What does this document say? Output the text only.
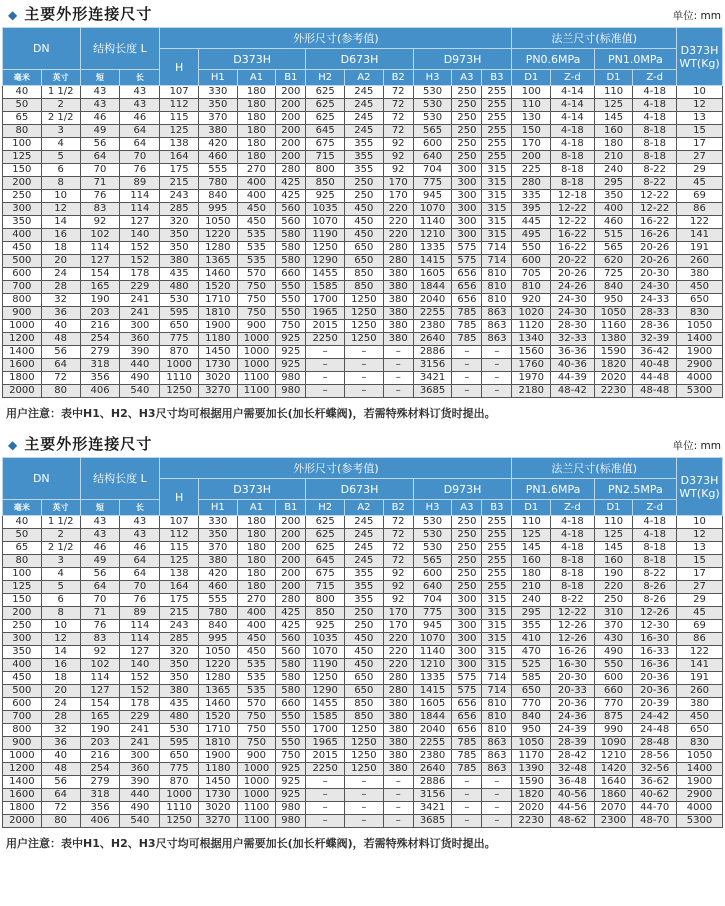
◆ 主要外形连接尺寸	单位: mm
DN		结构长度 L		外形尺寸(参考值)										法兰尺寸(标准值)				D373H WT(Kg)
				H	D373H			D673H			D973H			PN0.6MPa		PN1.0MPa		
毫米	英寸	短	长		H1	A1	B1	H2	A2	B2	H3	A3	B3	D1	Z-d	D1	Z-d	
40	1 1/2	43	43	107	330	180	200	625	245	72	530	250	255	100	4-14	110	4-18	10
50	2	43	43	112	350	180	200	625	245	72	530	250	255	110	4-14	125	4-18	12
65	2 1/2	46	46	115	370	180	200	625	245	72	530	250	255	130	4-14	145	4-18	13
80	3	49	64	125	380	180	200	645	245	72	565	250	255	150	4-18	160	8-18	15
100	4	56	64	138	420	180	200	675	355	92	600	250	255	170	4-18	180	8-18	17
125	5	64	70	164	460	180	200	715	355	92	640	250	255	200	8-18	210	8-18	27
150	6	70	76	175	555	270	280	800	355	92	704	300	315	225	8-18	240	8-22	29
200	8	71	89	215	780	400	425	850	250	170	775	300	315	280	8-18	295	8-22	45
250	10	76	114	243	840	400	425	925	250	170	945	300	315	335	12-18	350	12-22	69
300	12	83	114	285	995	450	560	1035	450	220	1070	300	315	395	12-22	400	12-22	86
350	14	92	127	320	1050	450	560	1070	450	220	1140	300	315	445	12-22	460	16-22	122
400	16	102	140	350	1220	535	580	1190	450	220	1210	300	315	495	16-22	515	16-26	141
450	18	114	152	350	1280	535	580	1250	650	280	1335	575	714	550	16-22	565	20-26	191
500	20	127	152	380	1365	535	580	1290	650	280	1415	575	714	600	20-22	620	20-26	260
600	24	154	178	435	1460	570	660	1455	850	380	1605	656	810	705	20-26	725	20-30	380
700	28	165	229	480	1520	750	550	1585	850	380	1844	656	810	810	24-26	840	24-30	450
800	32	190	241	530	1710	750	550	1700	1250	380	2040	656	810	920	24-30	950	24-33	650
900	36	203	241	595	1810	750	550	1965	1250	380	2255	785	863	1020	24-30	1050	28-33	830
1000	40	216	300	650	1900	900	750	2015	1250	380	2380	785	863	1120	28-30	1160	28-36	1050
1200	48	254	360	775	1180	1000	925	2250	1250	380	2640	785	863	1340	32-33	1380	32-39	1400
1400	56	279	390	870	1450	1000	925	–	–	–	2886	–	–	1560	36-36	1590	36-42	1900
1600	64	318	440	1000	1730	1000	925	–	–	–	3156	–	–	1760	40-36	1820	40-48	2900
1800	72	356	490	1110	3020	1100	980	–	–	–	3421	–	–	1970	44-39	2020	44-48	4000
2000	80	406	540	1250	3270	1100	980	–	–	–	3685	–	–	2180	48-42	2230	48-48	5300

用户注意：表中H1、H2、H3尺寸均可根据用户需要加长(加长杆蝶阀)，若需特殊材料订货时提出。

◆ 主要外形连接尺寸	单位: mm
DN		结构长度 L		外形尺寸(参考值)										法兰尺寸(标准值)				D373H WT(Kg)
				H	D373H			D673H			D973H			PN1.6MPa		PN2.5MPa		
毫米	英寸	短	长		H1	A1	B1	H2	A2	B2	H3	A3	B3	D1	Z-d	D1	Z-d	
40	1 1/2	43	43	107	330	180	200	625	245	72	530	250	255	110	4-18	110	4-18	10
50	2	43	43	112	350	180	200	625	245	72	530	250	255	125	4-18	125	4-18	12
65	2 1/2	46	46	115	370	180	200	625	245	72	530	250	255	145	4-18	145	8-18	13
80	3	49	64	125	380	180	200	645	245	72	565	250	255	160	8-18	160	8-18	15
100	4	56	64	138	420	180	200	675	355	92	600	250	255	180	8-18	190	8-22	17
125	5	64	70	164	460	180	200	715	355	92	640	250	255	210	8-18	220	8-26	27
150	6	70	76	175	555	270	280	800	355	92	704	300	315	240	8-22	250	8-26	29
200	8	71	89	215	780	400	425	850	250	170	775	300	315	295	12-22	310	12-26	45
250	10	76	114	243	840	400	425	925	250	170	945	300	315	355	12-26	370	12-30	69
300	12	83	114	285	995	450	560	1035	450	220	1070	300	315	410	12-26	430	16-30	86
350	14	92	127	320	1050	450	560	1070	450	220	1140	300	315	470	16-26	490	16-33	122
400	16	102	140	350	1220	535	580	1190	450	220	1210	300	315	525	16-30	550	16-36	141
450	18	114	152	350	1280	535	580	1250	650	280	1335	575	714	585	20-30	600	20-36	191
500	20	127	152	380	1365	535	580	1290	650	280	1415	575	714	650	20-33	660	20-36	260
600	24	154	178	435	1460	570	660	1455	850	380	1605	656	810	770	20-36	770	20-39	380
700	28	165	229	480	1520	750	550	1585	850	380	1844	656	810	840	24-36	875	24-42	450
800	32	190	241	530	1710	750	550	1700	1250	380	2040	656	810	950	24-39	990	24-48	650
900	36	203	241	595	1810	750	550	1965	1250	380	2255	785	863	1050	28-39	1090	28-48	830
1000	40	216	300	650	1900	900	750	2015	1250	380	2380	785	863	1170	28-42	1210	28-56	1050
1200	48	254	360	775	1180	1000	925	2250	1250	380	2640	785	863	1390	32-48	1420	32-56	1400
1400	56	279	390	870	1450	1000	925	–	–	–	2886	–	–	1590	36-48	1640	36-62	1900
1600	64	318	440	1000	1730	1000	925	–	–	–	3156	–	–	1820	40-56	1860	40-62	2900
1800	72	356	490	1110	3020	1100	980	–	–	–	3421	–	–	2020	44-56	2070	44-70	4000
2000	80	406	540	1250	3270	1100	980	–	–	–	3685	–	–	2230	48-62	2300	48-70	5300

用户注意：表中H1、H2、H3尺寸均可根据用户需要加长(加长杆蝶阀)，若需特殊材料订货时提出。
